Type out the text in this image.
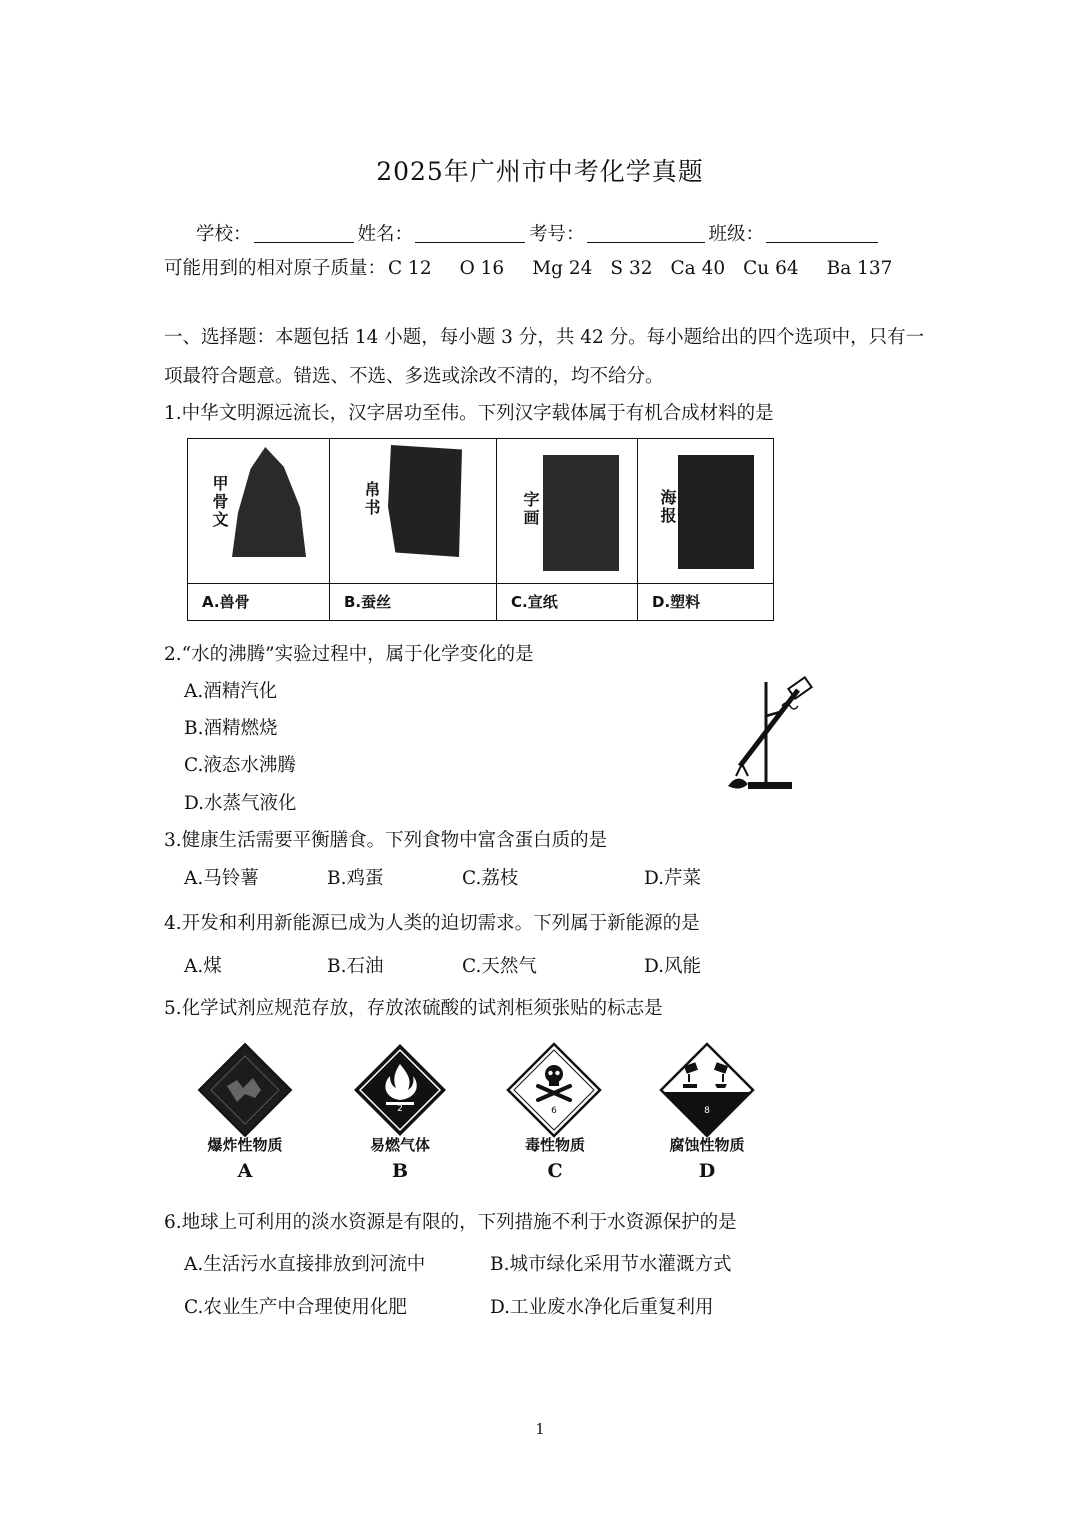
2025年广州市中考化学真题
学校：	姓名：	考号：	班级：
可能用到的相对原子质量： C 12 O 16 Mg 24 S 32 Ca 40 Cu 64 Ba 137
一、选择题：本题包括 14 小题，每小题 3 分，共 42 分。每小题给出的四个选项中，只有一
项最符合题意。错选、不选、多选或涂改不清的，均不给分。
1.中华文明源远流长，汉字居功至伟。下列汉字载体属于有机合成材料的是
甲骨文	帛书	字画	海报
A.兽骨	B.蚕丝	C.宣纸	D.塑料
2.“水的沸腾”实验过程中，属于化学变化的是
A.酒精汽化
B.酒精燃烧
C.液态水沸腾
D.水蒸气液化
3.健康生活需要平衡膳食。下列食物中富含蛋白质的是
A.马铃薯	B.鸡蛋	C.荔枝	D.芹菜
4.开发和利用新能源已成为人类的迫切需求。下列属于新能源的是
A.煤	B.石油	C.天然气	D.风能
5.化学试剂应规范存放，存放浓硫酸的试剂柜须张贴的标志是
爆炸性物质
A
易燃气体
B
毒性物质
C
腐蚀性物质
D
2	6	8
6.地球上可利用的淡水资源是有限的，下列措施不利于水资源保护的是
A.生活污水直接排放到河流中	B.城市绿化采用节水灌溉方式
C.农业生产中合理使用化肥	D.工业废水净化后重复利用
1
